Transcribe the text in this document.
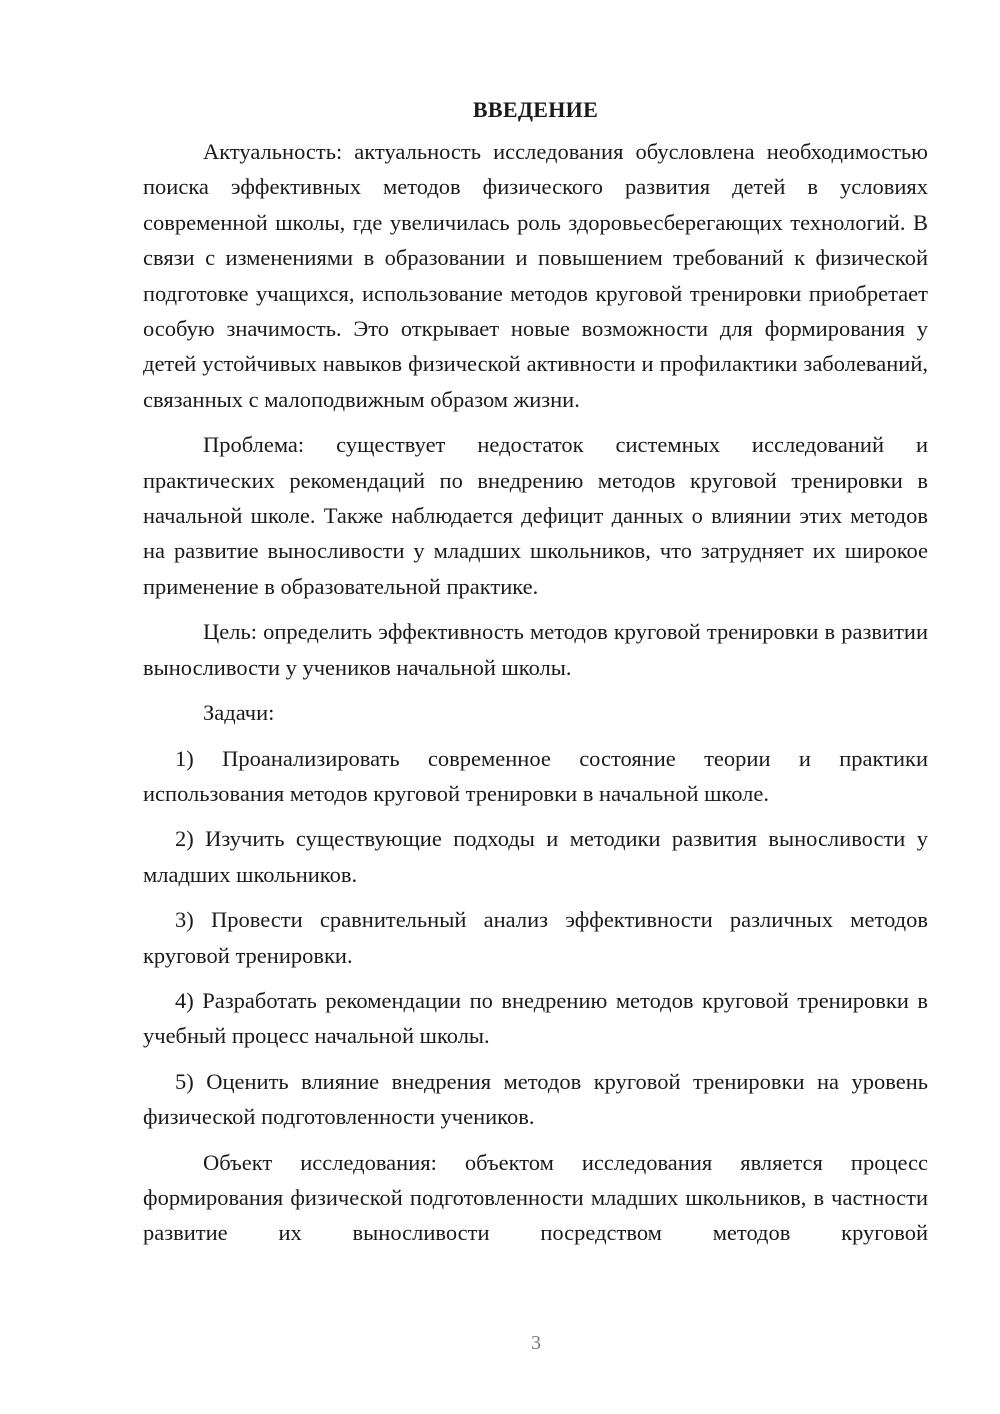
ВВЕДЕНИЕ

Актуальность: актуальность исследования обусловлена необходимостью поиска эффективных методов физического развития детей в условиях современной школы, где увеличилась роль здоровьесберегающих технологий. В связи с изменениями в образовании и повышением требований к физической подготовке учащихся, использование методов круговой тренировки приобретает особую значимость. Это открывает новые возможности для формирования у детей устойчивых навыков физической активности и профилактики заболеваний, связанных с малоподвижным образом жизни.

Проблема: существует недостаток системных исследований и практических рекомендаций по внедрению методов круговой тренировки в начальной школе. Также наблюдается дефицит данных о влиянии этих методов на развитие выносливости у младших школьников, что затрудняет их широкое применение в образовательной практике.

Цель: определить эффективность методов круговой тренировки в развитии выносливости у учеников начальной школы.

Задачи:

1) Проанализировать современное состояние теории и практики использования методов круговой тренировки в начальной школе.

2) Изучить существующие подходы и методики развития выносливости у младших школьников.

3) Провести сравнительный анализ эффективности различных методов круговой тренировки.

4) Разработать рекомендации по внедрению методов круговой тренировки в учебный процесс начальной школы.

5) Оценить влияние внедрения методов круговой тренировки на уровень физической подготовленности учеников.

Объект исследования: объектом исследования является процесс формирования физической подготовленности младших школьников, в частности развитие их выносливости посредством методов круговой

3
